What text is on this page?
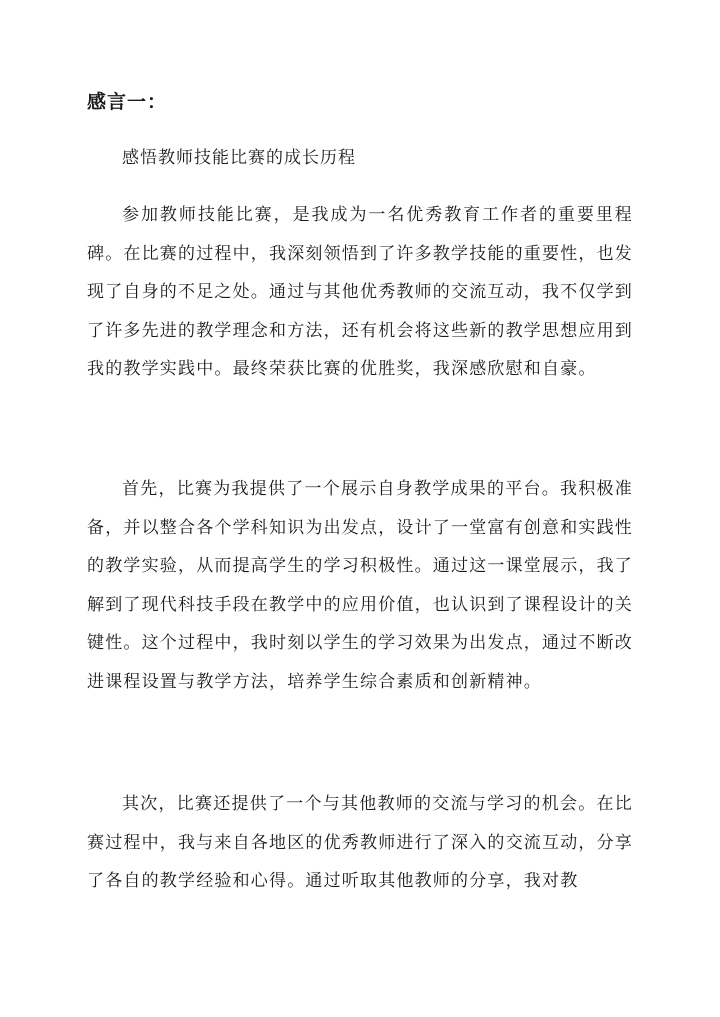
感言一：

感悟教师技能比赛的成长历程

参加教师技能比赛，是我成为一名优秀教育工作者的重要里程碑。在比赛的过程中，我深刻领悟到了许多教学技能的重要性，也发现了自身的不足之处。通过与其他优秀教师的交流互动，我不仅学到了许多先进的教学理念和方法，还有机会将这些新的教学思想应用到我的教学实践中。最终荣获比赛的优胜奖，我深感欣慰和自豪。

首先，比赛为我提供了一个展示自身教学成果的平台。我积极准备，并以整合各个学科知识为出发点，设计了一堂富有创意和实践性的教学实验，从而提高学生的学习积极性。通过这一课堂展示，我了解到了现代科技手段在教学中的应用价值，也认识到了课程设计的关键性。这个过程中，我时刻以学生的学习效果为出发点，通过不断改进课程设置与教学方法，培养学生综合素质和创新精神。

其次，比赛还提供了一个与其他教师的交流与学习的机会。在比赛过程中，我与来自各地区的优秀教师进行了深入的交流互动，分享了各自的教学经验和心得。通过听取其他教师的分享，我对教
